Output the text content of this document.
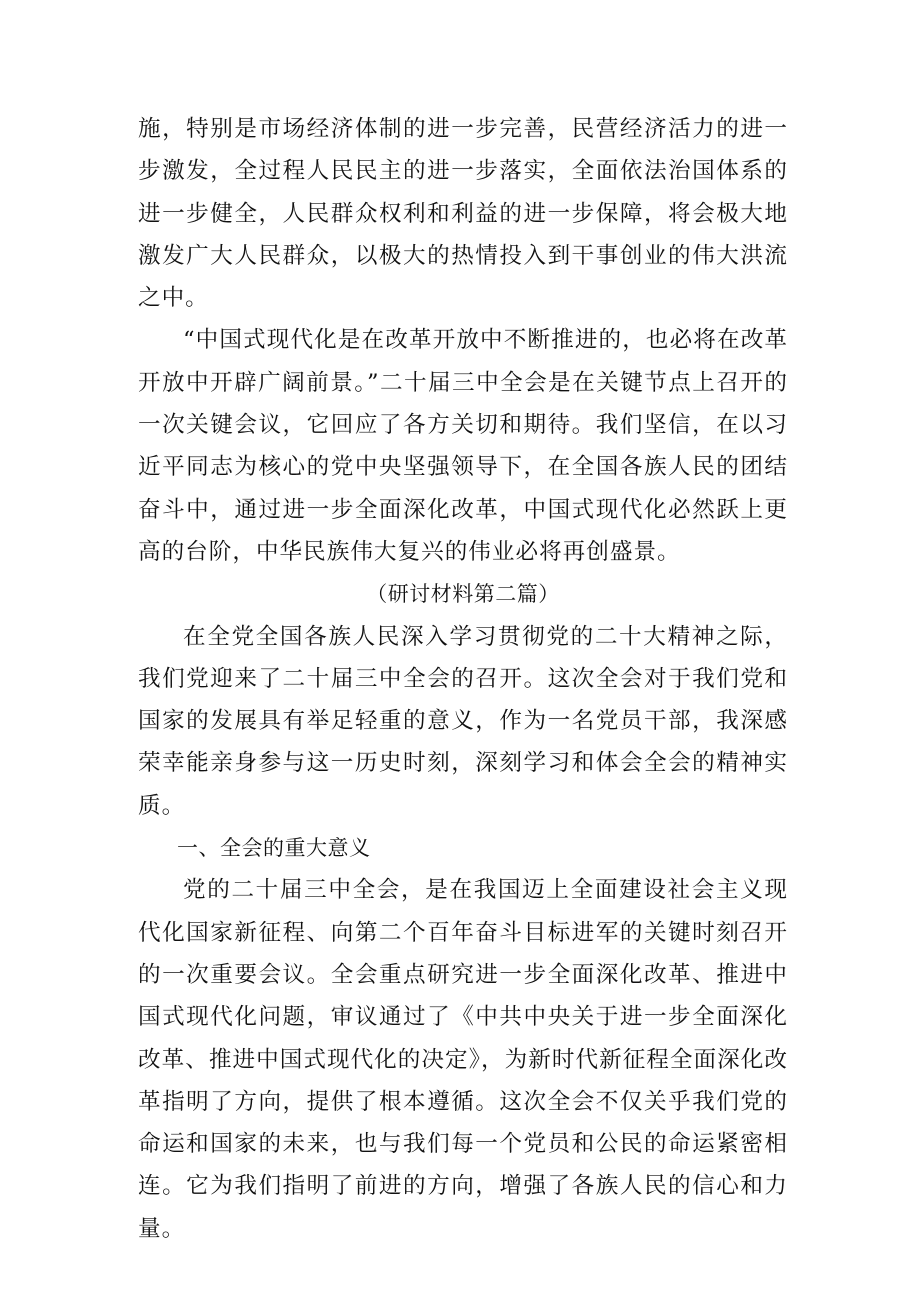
施，特别是市场经济体制的进一步完善，民营经济活力的进一步激发，全过程人民民主的进一步落实，全面依法治国体系的进一步健全，人民群众权利和利益的进一步保障，将会极大地激发广大人民群众，以极大的热情投入到干事创业的伟大洪流之中。

“中国式现代化是在改革开放中不断推进的，也必将在改革开放中开辟广阔前景。”二十届三中全会是在关键节点上召开的一次关键会议，它回应了各方关切和期待。我们坚信，在以习近平同志为核心的党中央坚强领导下，在全国各族人民的团结奋斗中，通过进一步全面深化改革，中国式现代化必然跃上更高的台阶，中华民族伟大复兴的伟业必将再创盛景。

（研讨材料第二篇）

在全党全国各族人民深入学习贯彻党的二十大精神之际，我们党迎来了二十届三中全会的召开。这次全会对于我们党和国家的发展具有举足轻重的意义，作为一名党员干部，我深感荣幸能亲身参与这一历史时刻，深刻学习和体会全会的精神实质。

一、全会的重大意义

党的二十届三中全会，是在我国迈上全面建设社会主义现代化国家新征程、向第二个百年奋斗目标进军的关键时刻召开的一次重要会议。全会重点研究进一步全面深化改革、推进中国式现代化问题，审议通过了《中共中央关于进一步全面深化改革、推进中国式现代化的决定》，为新时代新征程全面深化改革指明了方向，提供了根本遵循。这次全会不仅关乎我们党的命运和国家的未来，也与我们每一个党员和公民的命运紧密相连。它为我们指明了前进的方向，增强了各族人民的信心和力量。
